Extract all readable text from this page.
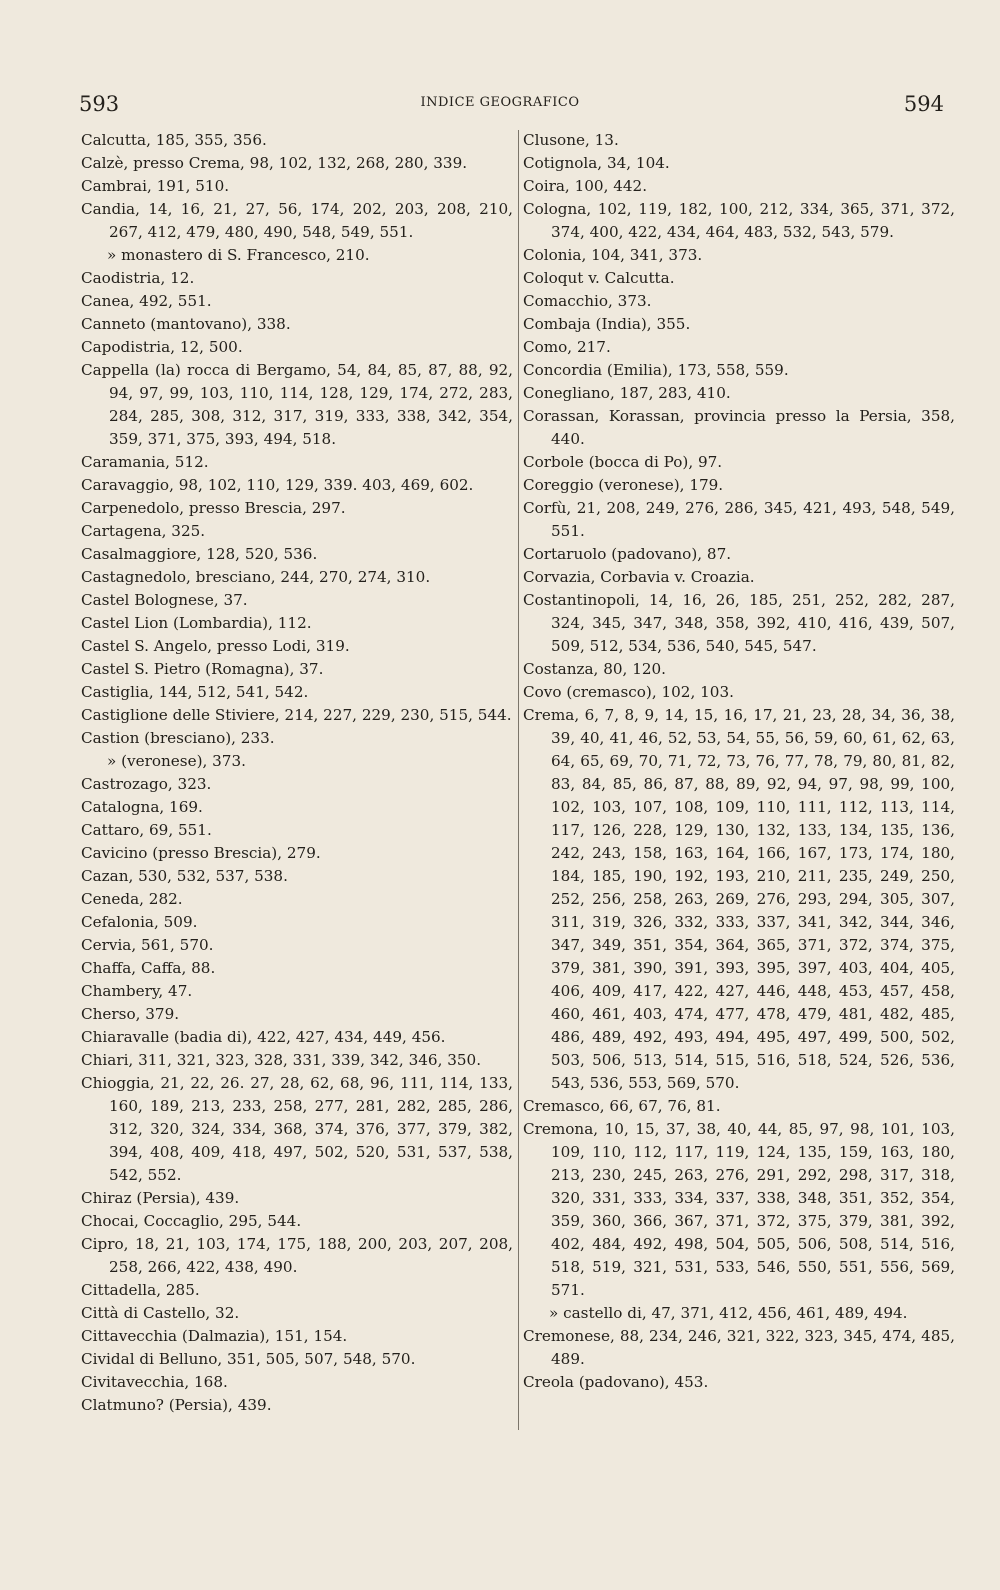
593	INDICE GEOGRAFICO	594
Calcutta, 185, 355, 356.
Calzè, presso Crema, 98, 102, 132, 268, 280, 339.
Cambrai, 191, 510.
Candia, 14, 16, 21, 27, 56, 174, 202, 203, 208, 210, 267, 412, 479, 480, 490, 548, 549, 551.
» monastero di S. Francesco, 210.
Caodistria, 12.
Canea, 492, 551.
Canneto (mantovano), 338.
Capodistria, 12, 500.
Cappella (la) rocca di Bergamo, 54, 84, 85, 87, 88, 92, 94, 97, 99, 103, 110, 114, 128, 129, 174, 272, 283, 284, 285, 308, 312, 317, 319, 333, 338, 342, 354, 359, 371, 375, 393, 494, 518.
Caramania, 512.
Caravaggio, 98, 102, 110, 129, 339. 403, 469, 602.
Carpenedolo, presso Brescia, 297.
Cartagena, 325.
Casalmaggiore, 128, 520, 536.
Castagnedolo, bresciano, 244, 270, 274, 310.
Castel Bolognese, 37.
Castel Lion (Lombardia), 112.
Castel S. Angelo, presso Lodi, 319.
Castel S. Pietro (Romagna), 37.
Castiglia, 144, 512, 541, 542.
Castiglione delle Stiviere, 214, 227, 229, 230, 515, 544.
Castion (bresciano), 233.
» (veronese), 373.
Castrozago, 323.
Catalogna, 169.
Cattaro, 69, 551.
Cavicino (presso Brescia), 279.
Cazan, 530, 532, 537, 538.
Ceneda, 282.
Cefalonia, 509.
Cervia, 561, 570.
Chaffa, Caffa, 88.
Chambery, 47.
Cherso, 379.
Chiaravalle (badia di), 422, 427, 434, 449, 456.
Chiari, 311, 321, 323, 328, 331, 339, 342, 346, 350.
Chioggia, 21, 22, 26. 27, 28, 62, 68, 96, 111, 114, 133, 160, 189, 213, 233, 258, 277, 281, 282, 285, 286, 312, 320, 324, 334, 368, 374, 376, 377, 379, 382, 394, 408, 409, 418, 497, 502, 520, 531, 537, 538, 542, 552.
Chiraz (Persia), 439.
Chocai, Coccaglio, 295, 544.
Cipro, 18, 21, 103, 174, 175, 188, 200, 203, 207, 208, 258, 266, 422, 438, 490.
Cittadella, 285.
Città di Castello, 32.
Cittavecchia (Dalmazia), 151, 154.
Cividal di Belluno, 351, 505, 507, 548, 570.
Civitavecchia, 168.
Clatmuno? (Persia), 439.
Clusone, 13.
Cotignola, 34, 104.
Coira, 100, 442.
Cologna, 102, 119, 182, 100, 212, 334, 365, 371, 372, 374, 400, 422, 434, 464, 483, 532, 543, 579.
Colonia, 104, 341, 373.
Coloqut v. Calcutta.
Comacchio, 373.
Combaja (India), 355.
Como, 217.
Concordia (Emilia), 173, 558, 559.
Conegliano, 187, 283, 410.
Corassan, Korassan, provincia presso la Persia, 358, 440.
Corbole (bocca di Po), 97.
Coreggio (veronese), 179.
Corfù, 21, 208, 249, 276, 286, 345, 421, 493, 548, 549, 551.
Cortaruolo (padovano), 87.
Corvazia, Corbavia v. Croazia.
Costantinopoli, 14, 16, 26, 185, 251, 252, 282, 287, 324, 345, 347, 348, 358, 392, 410, 416, 439, 507, 509, 512, 534, 536, 540, 545, 547.
Costanza, 80, 120.
Covo (cremasco), 102, 103.
Crema, 6, 7, 8, 9, 14, 15, 16, 17, 21, 23, 28, 34, 36, 38, 39, 40, 41, 46, 52, 53, 54, 55, 56, 59, 60, 61, 62, 63, 64, 65, 69, 70, 71, 72, 73, 76, 77, 78, 79, 80, 81, 82, 83, 84, 85, 86, 87, 88, 89, 92, 94, 97, 98, 99, 100, 102, 103, 107, 108, 109, 110, 111, 112, 113, 114, 117, 126, 228, 129, 130, 132, 133, 134, 135, 136, 242, 243, 158, 163, 164, 166, 167, 173, 174, 180, 184, 185, 190, 192, 193, 210, 211, 235, 249, 250, 252, 256, 258, 263, 269, 276, 293, 294, 305, 307, 311, 319, 326, 332, 333, 337, 341, 342, 344, 346, 347, 349, 351, 354, 364, 365, 371, 372, 374, 375, 379, 381, 390, 391, 393, 395, 397, 403, 404, 405, 406, 409, 417, 422, 427, 446, 448, 453, 457, 458, 460, 461, 403, 474, 477, 478, 479, 481, 482, 485, 486, 489, 492, 493, 494, 495, 497, 499, 500, 502, 503, 506, 513, 514, 515, 516, 518, 524, 526, 536, 543, 536, 553, 569, 570.
Cremasco, 66, 67, 76, 81.
Cremona, 10, 15, 37, 38, 40, 44, 85, 97, 98, 101, 103, 109, 110, 112, 117, 119, 124, 135, 159, 163, 180, 213, 230, 245, 263, 276, 291, 292, 298, 317, 318, 320, 331, 333, 334, 337, 338, 348, 351, 352, 354, 359, 360, 366, 367, 371, 372, 375, 379, 381, 392, 402, 484, 492, 498, 504, 505, 506, 508, 514, 516, 518, 519, 321, 531, 533, 546, 550, 551, 556, 569, 571.
» castello di, 47, 371, 412, 456, 461, 489, 494.
Cremonese, 88, 234, 246, 321, 322, 323, 345, 474, 485, 489.
Creola (padovano), 453.
